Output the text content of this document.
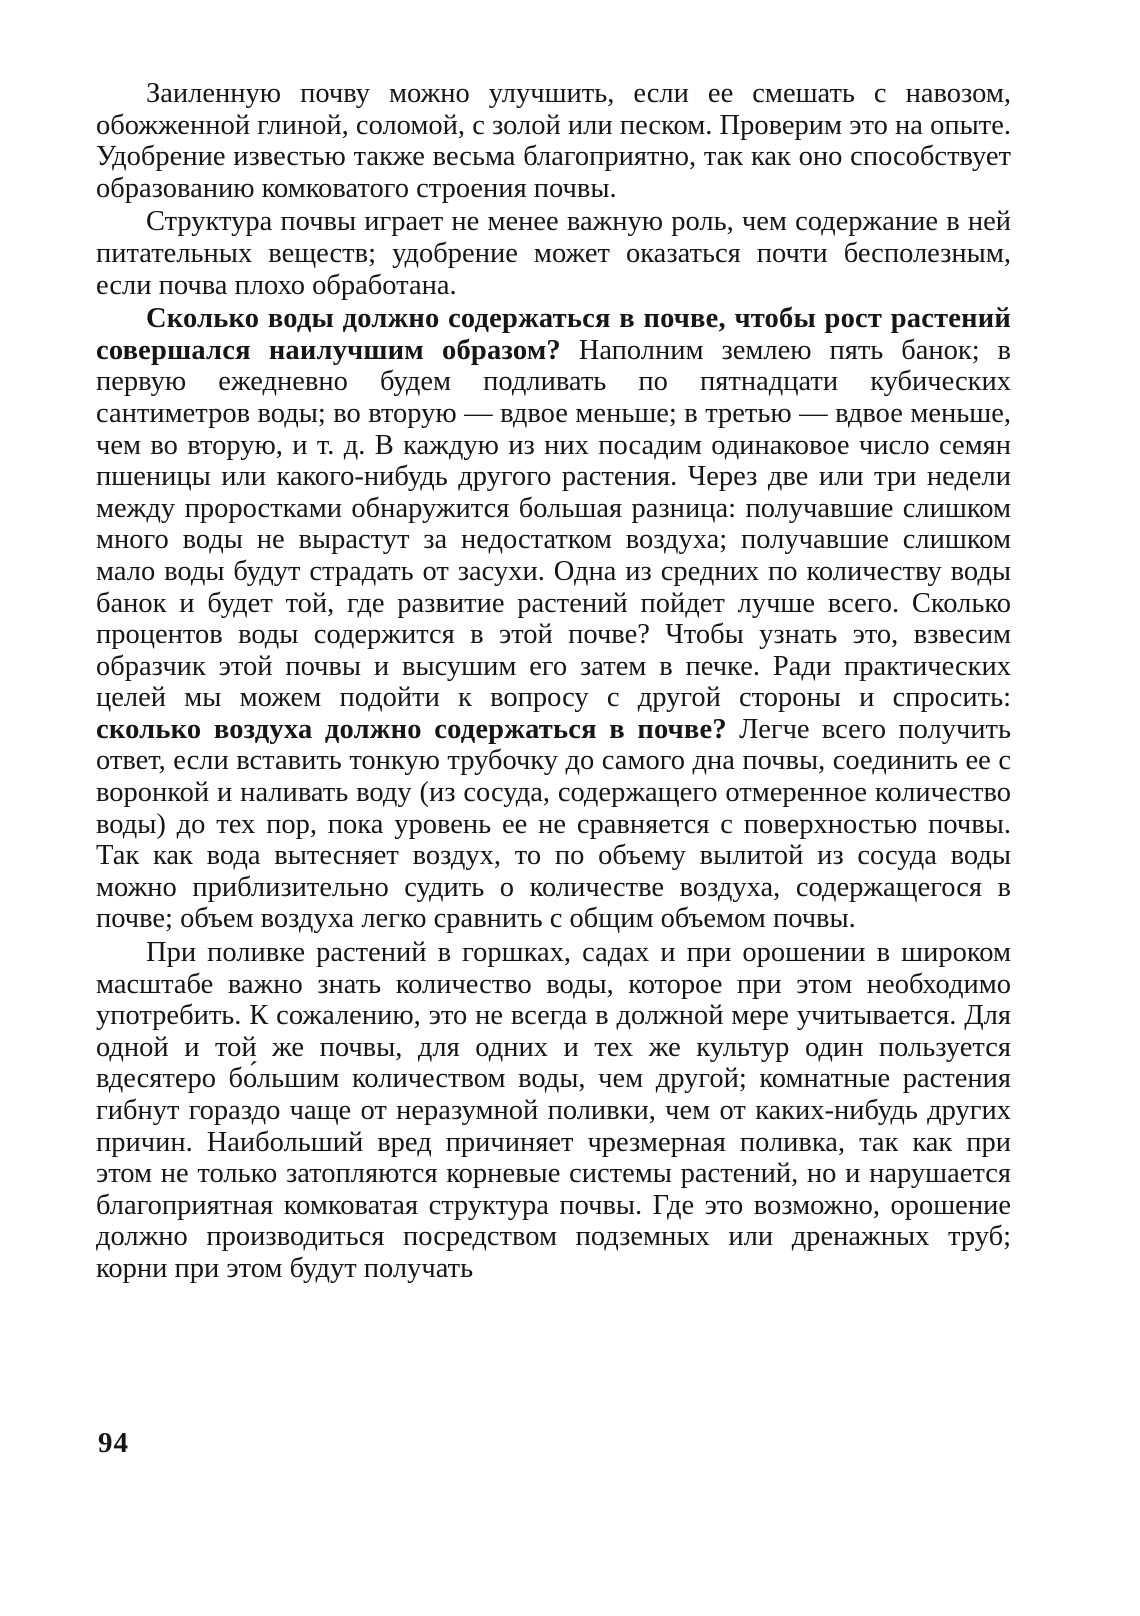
Заиленную почву можно улучшить, если ее смешать с навозом, обожженной глиной, соломой, с золой или песком. Проверим это на опыте. Удобрение известью также весьма благоприятно, так как оно способствует образованию комковатого строения почвы.

Структура почвы играет не менее важную роль, чем содержание в ней питательных веществ; удобрение может оказаться почти бесполезным, если почва плохо обработана.

Сколько воды должно содержаться в почве, чтобы рост растений совершался наилучшим образом? Наполним землею пять банок; в первую ежедневно будем подливать по пятнадцати кубических сантиметров воды; во вторую — вдвое меньше; в третью — вдвое меньше, чем во вторую, и т. д. В каждую из них посадим одинаковое число семян пшеницы или какого-нибудь другого растения. Через две или три недели между проростками обнаружится большая разница: получавшие слишком много воды не вырастут за недостатком воздуха; получавшие слишком мало воды будут страдать от засухи. Одна из средних по количеству воды банок и будет той, где развитие растений пойдет лучше всего. Сколько процентов воды содержится в этой почве? Чтобы узнать это, взвесим образчик этой почвы и высушим его затем в печке. Ради практических целей мы можем подойти к вопросу с другой стороны и спросить: сколько воздуха должно содержаться в почве? Легче всего получить ответ, если вставить тонкую трубочку до самого дна почвы, соединить ее с воронкой и наливать воду (из сосуда, содержащего отмеренное количество воды) до тех пор, пока уровень ее не сравняется с поверхностью почвы. Так как вода вытесняет воздух, то по объему вылитой из сосуда воды можно приблизительно судить о количестве воздуха, содержащегося в почве; объем воздуха легко сравнить с общим объемом почвы.

При поливке растений в горшках, садах и при орошении в широком масштабе важно знать количество воды, которое при этом необходимо употребить. К сожалению, это не всегда в должной мере учитывается. Для одной и той же почвы, для одних и тех же культур один пользуется вдесятеро бо́льшим количеством воды, чем другой; комнатные растения гибнут гораздо чаще от неразумной поливки, чем от каких-нибудь других причин. Наибольший вред причиняет чрезмерная поливка, так как при этом не только затопляются корневые системы растений, но и нарушается благоприятная комковатая структура почвы. Где это возможно, орошение должно производиться посредством подземных или дренажных труб; корни при этом будут получать

94
